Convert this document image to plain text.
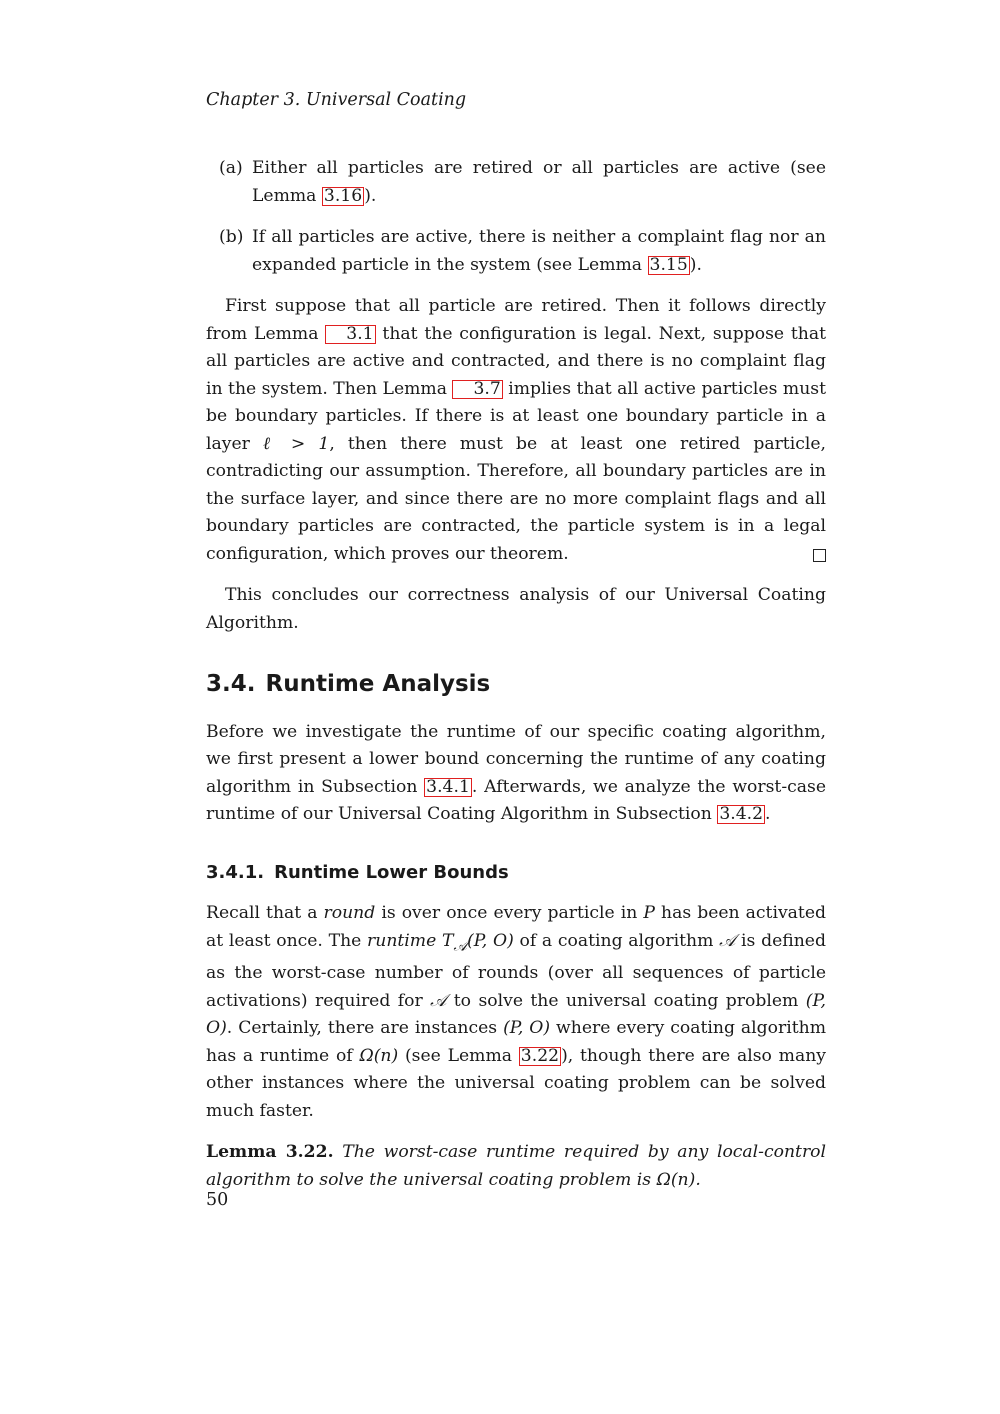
Chapter 3. Universal Coating
(a) Either all particles are retired or all particles are active (see Lemma 3.16 ).
(b) If all particles are active, there is neither a complaint flag nor an expanded particle in the system (see Lemma 3.15 ).

First suppose that all particle are retired. Then it follows directly from Lemma 3.1 that the configuration is legal. Next, suppose that all particles are active and contracted, and there is no complaint flag in the system. Then Lemma 3.7 implies that all active particles must be boundary particles. If there is at least one boundary particle in a layer ℓ > 1, then there must be at least one retired particle, contradicting our assumption. Therefore, all boundary particles are in the surface layer, and since there are no more complaint flags and all boundary particles are contracted, the particle system is in a legal configuration, which proves our theorem.

This concludes our correctness analysis of our Universal Coating Algorithm.

3.4. Runtime Analysis

Before we investigate the runtime of our specific coating algorithm, we first present a lower bound concerning the runtime of any coating algorithm in Subsection 3.4.1 . Afterwards, we analyze the worst-case runtime of our Universal Coating Algorithm in Subsection 3.4.2 .

3.4.1. Runtime Lower Bounds

Recall that a round is over once every particle in P has been activated at least once. The runtime $T_𝒜(P$, O) of a coating algorithm 𝒜 is defined as the worst-case number of rounds (over all sequences of particle activations) required for 𝒜 to solve the universal coating problem (P, O). Certainly, there are instances (P, O) where every coating algorithm has a runtime of Ω(n) (see Lemma 3.22 ), though there are also many other instances where the universal coating problem can be solved much faster.

Lemma 3.22. The worst-case runtime required by any local-control algorithm to solve the universal coating problem is Ω(n).

50
